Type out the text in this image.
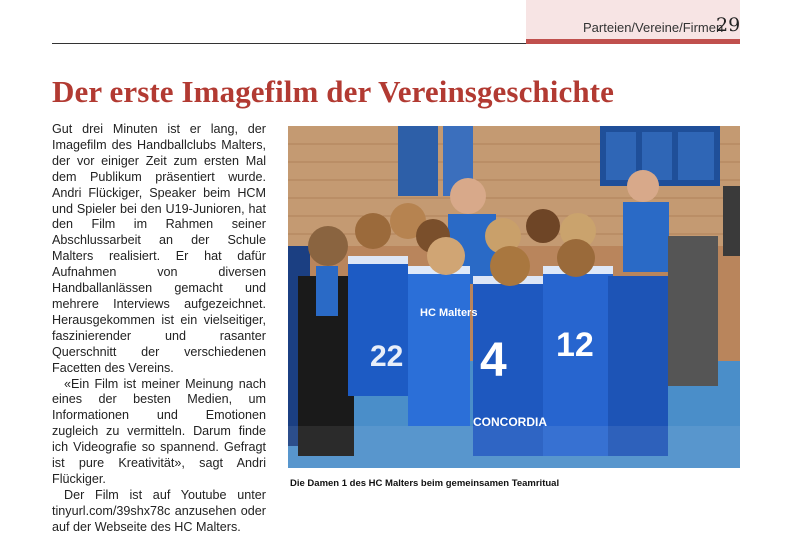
Parteien/Vereine/Firmen
29
Der erste Imagefilm der Vereinsgeschichte

Gut drei Minuten ist er lang, der Imagefilm des Handballclubs Malters, der vor einiger Zeit zum ersten Mal dem Publikum präsentiert wurde. Andri Flückiger, Speaker beim HCM und Spieler bei den U19-Junioren, hat den Film im Rahmen seiner Abschlussarbeit an der Schule Malters realisiert. Er hat dafür Aufnahmen von diversen Handballanlässen gemacht und mehrere Interviews aufgezeichnet. Herausgekommen ist ein vielseitiger, faszinierender und rasanter Querschnitt der verschiedenen Facetten des Vereins.

«Ein Film ist meiner Meinung nach eines der besten Medien, um Informationen und Emotionen zugleich zu vermitteln. Darum finde ich Videografie so spannend. Gefragt ist pure Kreativität», sagt Andri Flückiger.

Der Film ist auf Youtube unter tinyurl.com/39shx78c anzusehen oder auf der Webseite des HC Malters.

HC Malters
4 12
22
CONCORDIA
Die Damen 1 des HC Malters beim gemeinsamen Teamritual
